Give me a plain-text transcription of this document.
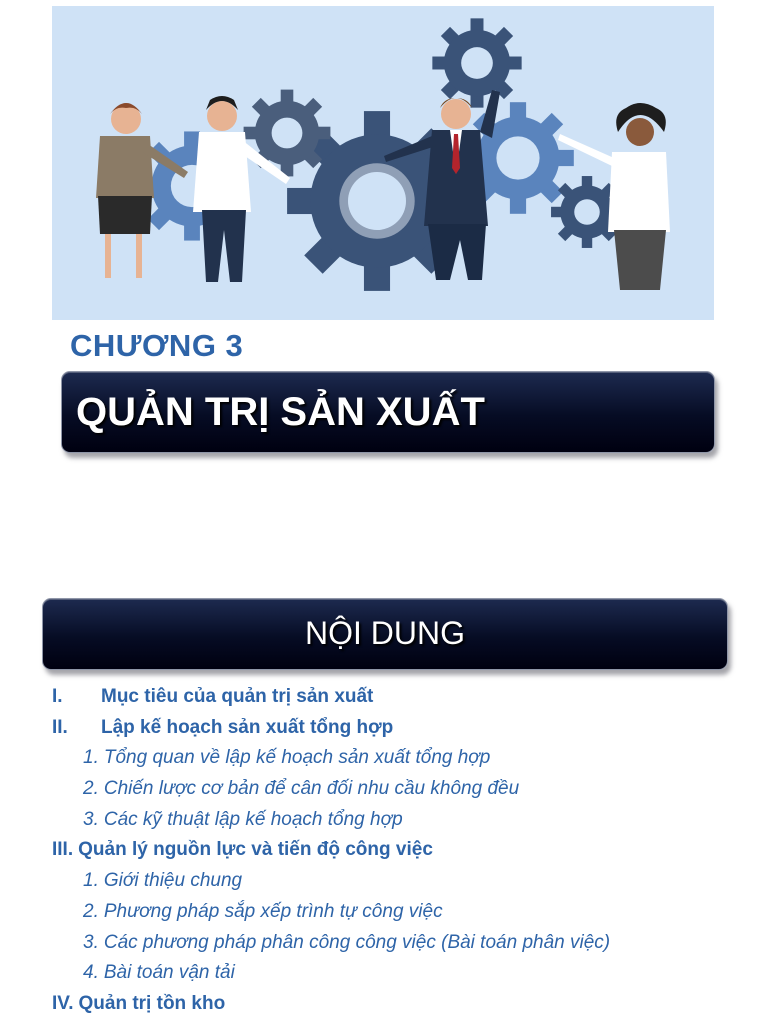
CHƯƠNG 3
QUẢN TRỊ SẢN XUẤT
NỘI DUNG
I. Mục tiêu của quản trị sản xuất
II. Lập kế hoạch sản xuất tổng hợp
1. Tổng quan về lập kế hoạch sản xuất tổng hợp
2. Chiến lược cơ bản để cân đối nhu cầu không đều
3. Các kỹ thuật lập kế hoạch tổng hợp
III. Quản lý nguồn lực và tiến độ công việc
1. Giới thiệu chung
2. Phương pháp sắp xếp trình tự công việc
3. Các phương pháp phân công công việc (Bài toán phân việc)
4. Bài toán vận tải
IV. Quản trị tồn kho
